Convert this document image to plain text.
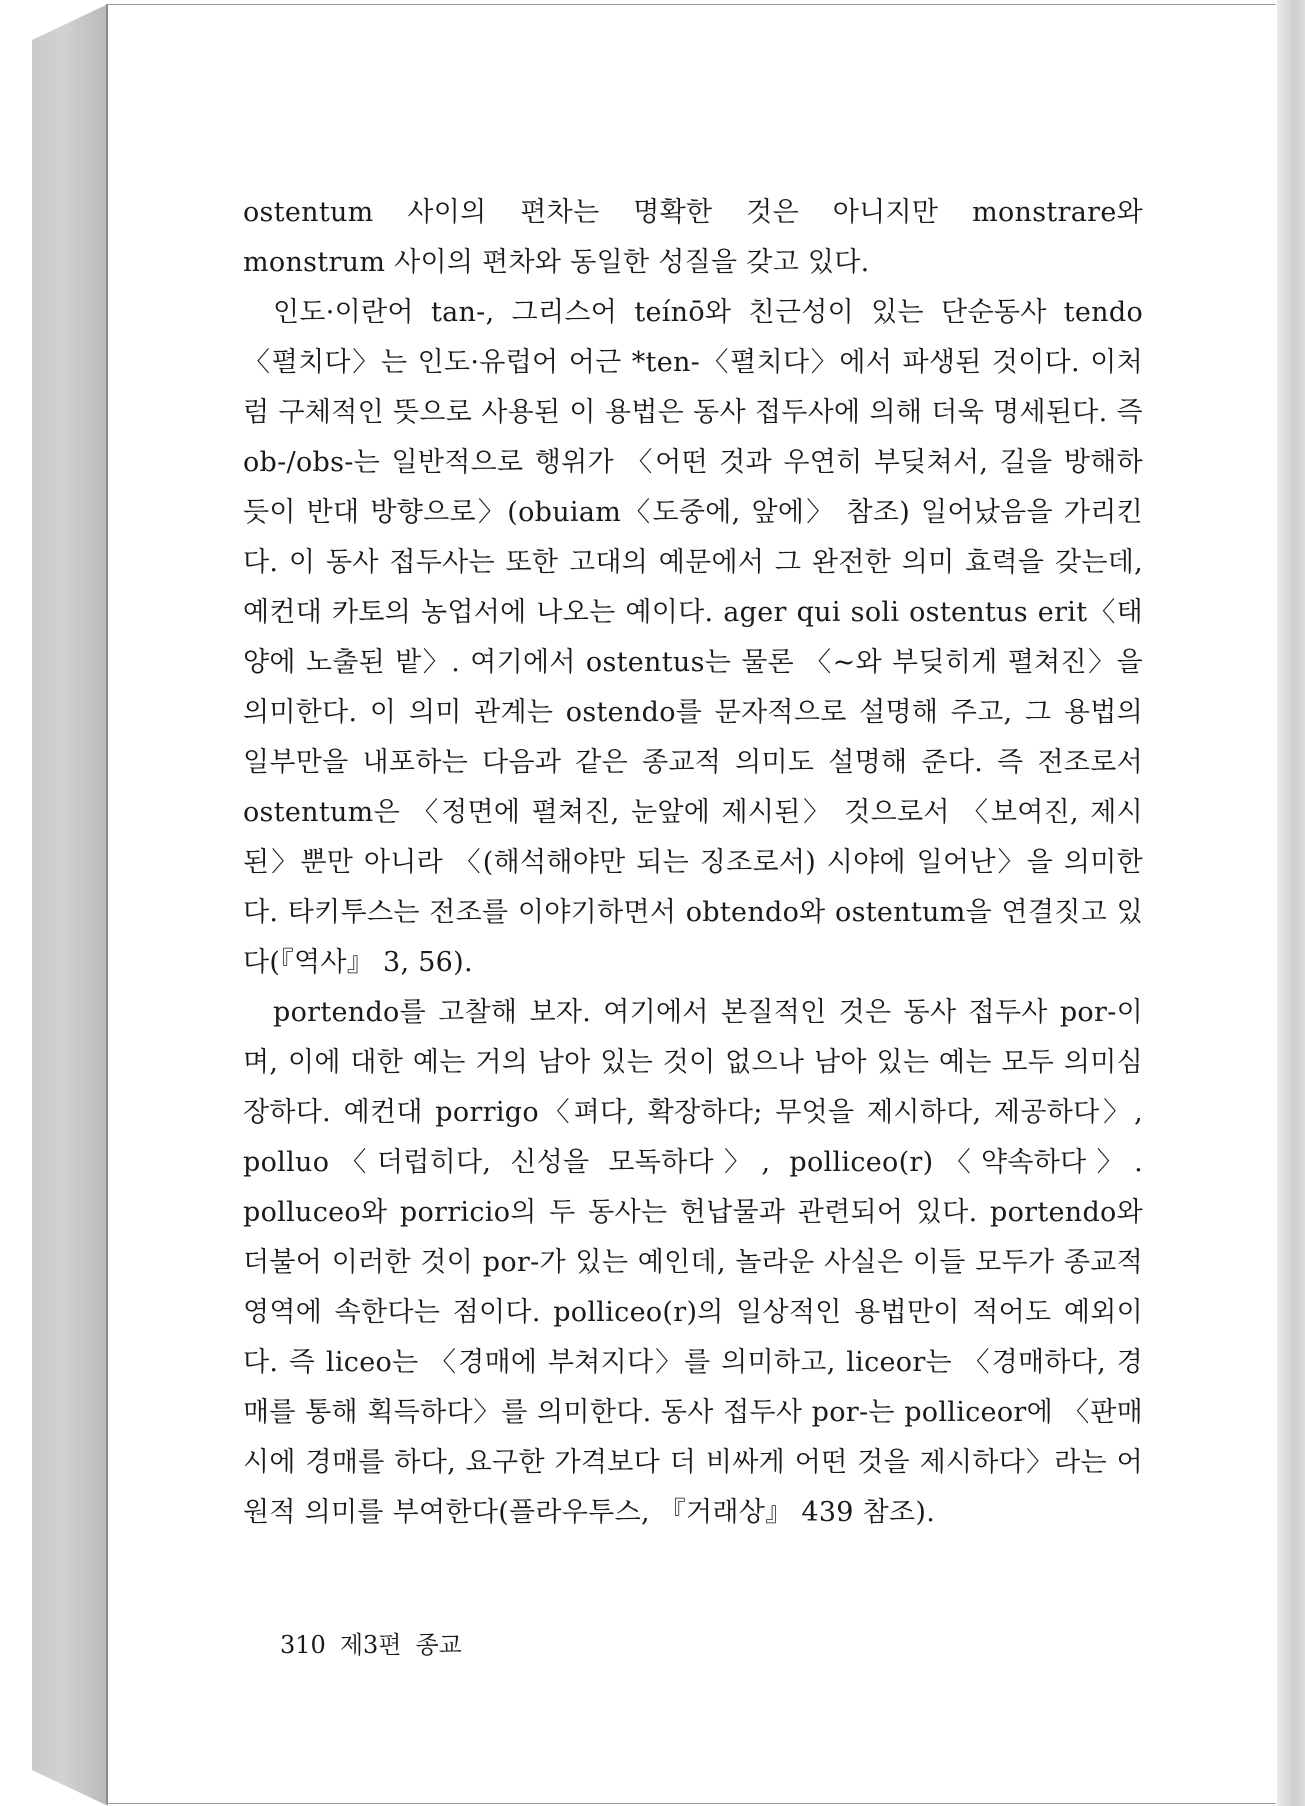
ostentum 사이의 편차는 명확한 것은 아니지만 monstrare와 monstrum 사이의 편차와 동일한 성질을 갖고 있다.

인도·이란어 tan-, 그리스어 teínō와 친근성이 있는 단순동사 tendo 〈펼치다〉는 인도·유럽어 어근 *ten-〈펼치다〉에서 파생된 것이다. 이처럼 구체적인 뜻으로 사용된 이 용법은 동사 접두사에 의해 더욱 명세된다. 즉 ob-/obs-는 일반적으로 행위가 〈어떤 것과 우연히 부딪쳐서, 길을 방해하듯이 반대 방향으로〉(obuiam〈도중에, 앞에〉 참조) 일어났음을 가리킨다. 이 동사 접두사는 또한 고대의 예문에서 그 완전한 의미 효력을 갖는데, 예컨대 카토의 농업서에 나오는 예이다. ager qui soli ostentus erit〈태양에 노출된 밭〉. 여기에서 ostentus는 물론 〈~와 부딪히게 펼쳐진〉을 의미한다. 이 의미 관계는 ostendo를 문자적으로 설명해 주고, 그 용법의 일부만을 내포하는 다음과 같은 종교적 의미도 설명해 준다. 즉 전조로서 ostentum은 〈정면에 펼쳐진, 눈앞에 제시된〉 것으로서 〈보여진, 제시된〉뿐만 아니라 〈(해석해야만 되는 징조로서) 시야에 일어난〉을 의미한다. 타키투스는 전조를 이야기하면서 obtendo와 ostentum을 연결짓고 있다(『역사』 3, 56).

portendo를 고찰해 보자. 여기에서 본질적인 것은 동사 접두사 por-이며, 이에 대한 예는 거의 남아 있는 것이 없으나 남아 있는 예는 모두 의미심장하다. 예컨대 porrigo〈펴다, 확장하다; 무엇을 제시하다, 제공하다〉, polluo〈더럽히다, 신성을 모독하다〉, polliceo(r)〈약속하다〉. polluceo와 porricio의 두 동사는 헌납물과 관련되어 있다. portendo와 더불어 이러한 것이 por-가 있는 예인데, 놀라운 사실은 이들 모두가 종교적 영역에 속한다는 점이다. polliceo(r)의 일상적인 용법만이 적어도 예외이다. 즉 liceo는 〈경매에 부쳐지다〉를 의미하고, liceor는 〈경매하다, 경매를 통해 획득하다〉를 의미한다. 동사 접두사 por-는 polliceor에 〈판매시에 경매를 하다, 요구한 가격보다 더 비싸게 어떤 것을 제시하다〉라는 어원적 의미를 부여한다(플라우투스, 『거래상』 439 참조).

310 제3편 종교
